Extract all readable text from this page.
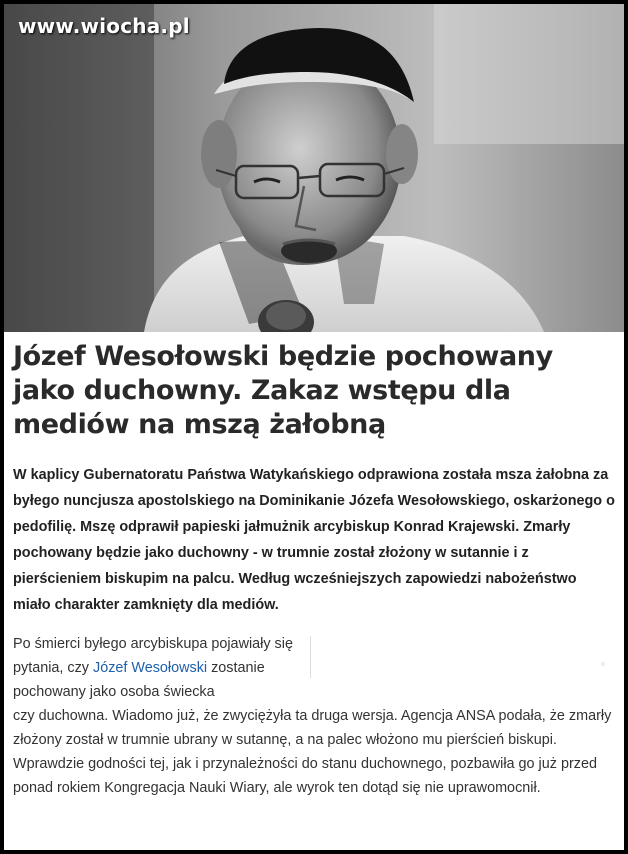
www.wiocha.pl
Józef Wesołowski będzie pochowany jako duchowny. Zakaz wstępu dla mediów na mszą żałobną

W kaplicy Gubernatoratu Państwa Watykańskiego odprawiona została msza żałobna za byłego nuncjusza apostolskiego na Dominikanie Józefa Wesołowskiego, oskarżonego o pedofilię. Mszę odprawił papieski jałmużnik arcybiskup Konrad Krajewski. Zmarły pochowany będzie jako duchowny - w trumnie został złożony w sutannie i z pierścieniem biskupim na palcu. Według wcześniejszych zapowiedzi nabożeństwo miało charakter zamknięty dla mediów.

Po śmierci byłego arcybiskupa pojawiały się pytania, czy Józef Wesołowski zostanie pochowany jako osoba świecka

czy duchowna. Wiadomo już, że zwyciężyła ta druga wersja. Agencja ANSA podała, że zmarły złożony został w trumnie ubrany w sutannę, a na palec włożono mu pierścień biskupi. Wprawdzie godności tej, jak i przynależności do stanu duchownego, pozbawiła go już przed ponad rokiem Kongregacja Nauki Wiary, ale wyrok ten dotąd się nie uprawomocnił.
